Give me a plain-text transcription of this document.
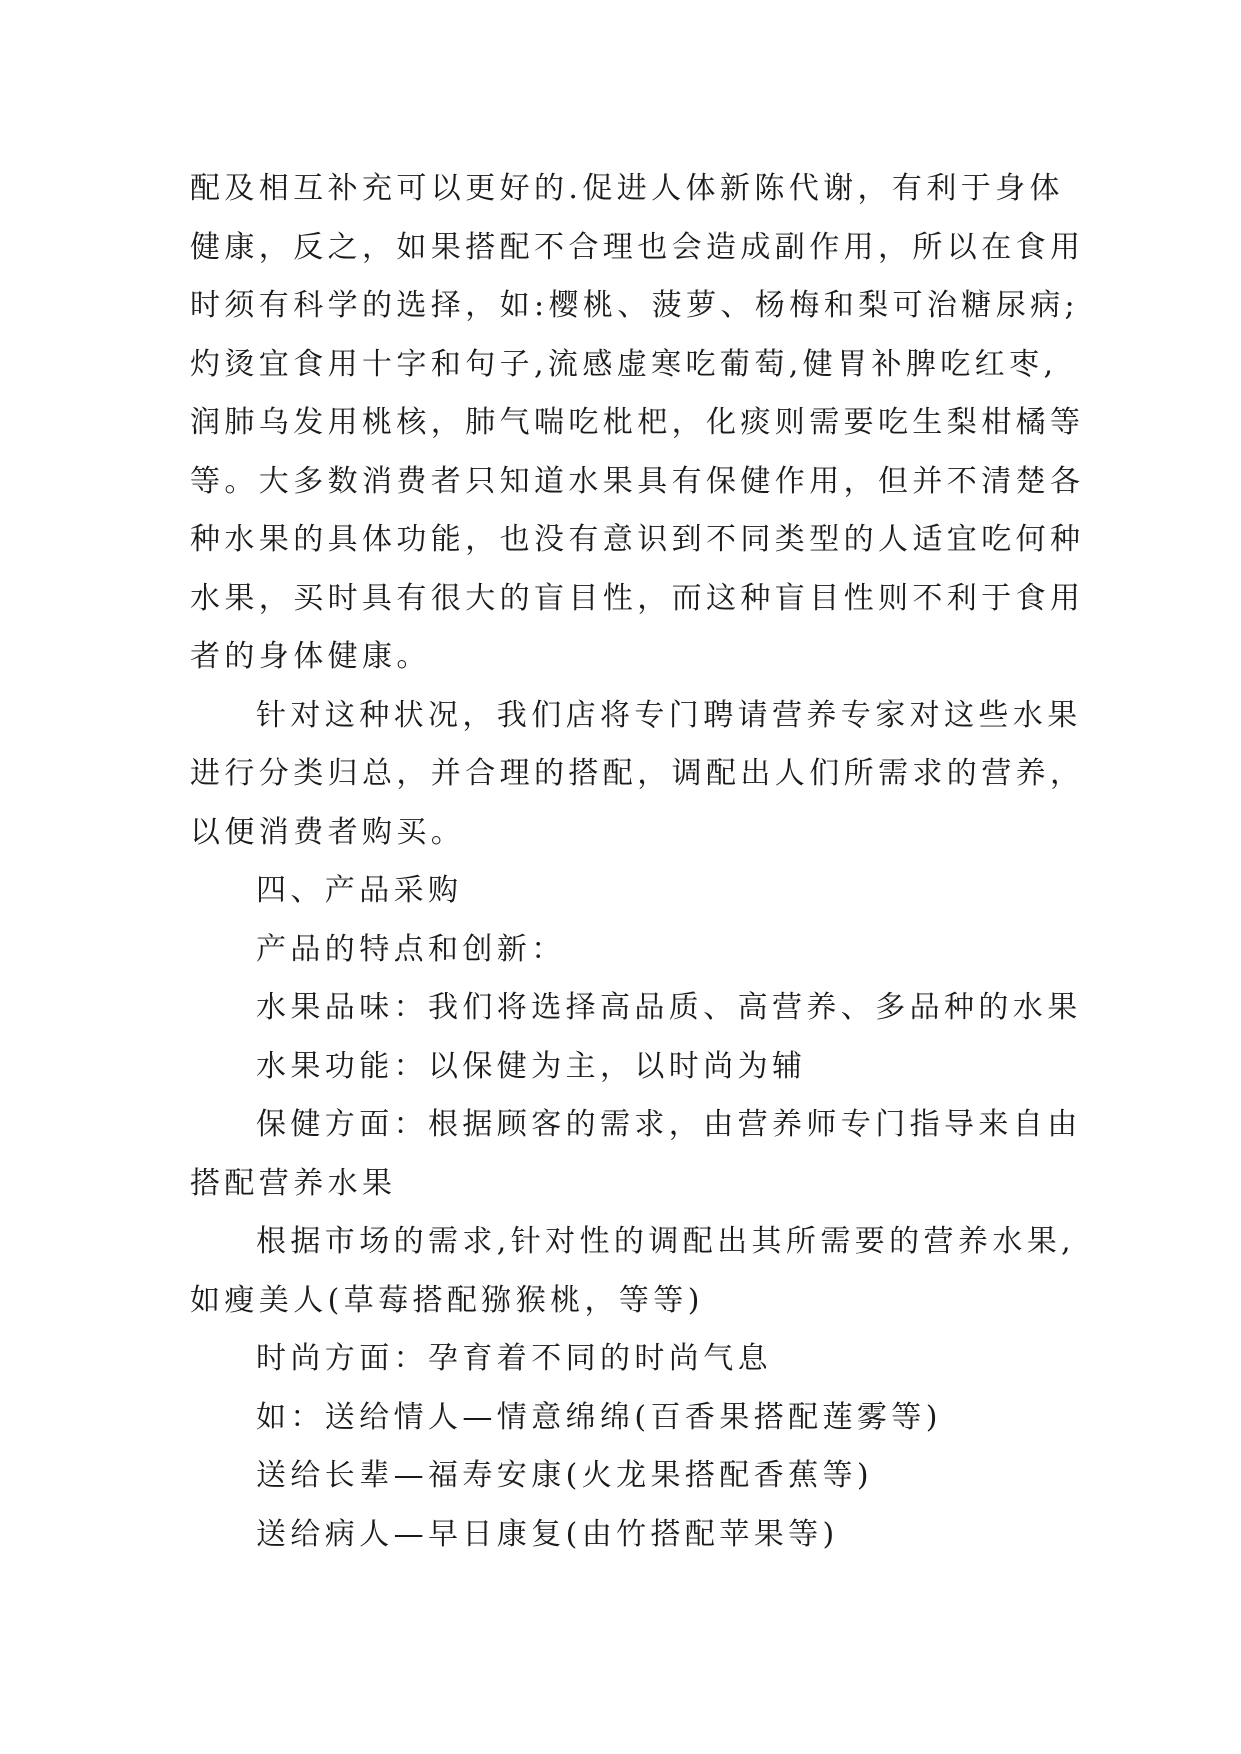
配及相互补充可以更好的.促进人体新陈代谢，有利于身体
健康，反之，如果搭配不合理也会造成副作用，所以在食用
时须有科学的选择，如:樱桃、菠萝、杨梅和梨可治糖尿病;
灼烫宜食用十字和句子,流感虚寒吃葡萄,健胃补脾吃红枣,
润肺乌发用桃核，肺气喘吃枇杷，化痰则需要吃生梨柑橘等
等。大多数消费者只知道水果具有保健作用，但并不清楚各
种水果的具体功能，也没有意识到不同类型的人适宜吃何种
水果，买时具有很大的盲目性，而这种盲目性则不利于食用
者的身体健康。

针对这种状况，我们店将专门聘请营养专家对这些水果
进行分类归总，并合理的搭配，调配出人们所需求的营养，
以便消费者购买。

四、产品采购

产品的特点和创新：

水果品味：我们将选择高品质、高营养、多品种的水果

水果功能：以保健为主，以时尚为辅

保健方面：根据顾客的需求，由营养师专门指导来自由
搭配营养水果

根据市场的需求,针对性的调配出其所需要的营养水果,
如瘦美人(草莓搭配猕猴桃，等等)

时尚方面：孕育着不同的时尚气息

如：送给情人—情意绵绵(百香果搭配莲雾等)

送给长辈—福寿安康(火龙果搭配香蕉等)

送给病人—早日康复(由竹搭配苹果等)
